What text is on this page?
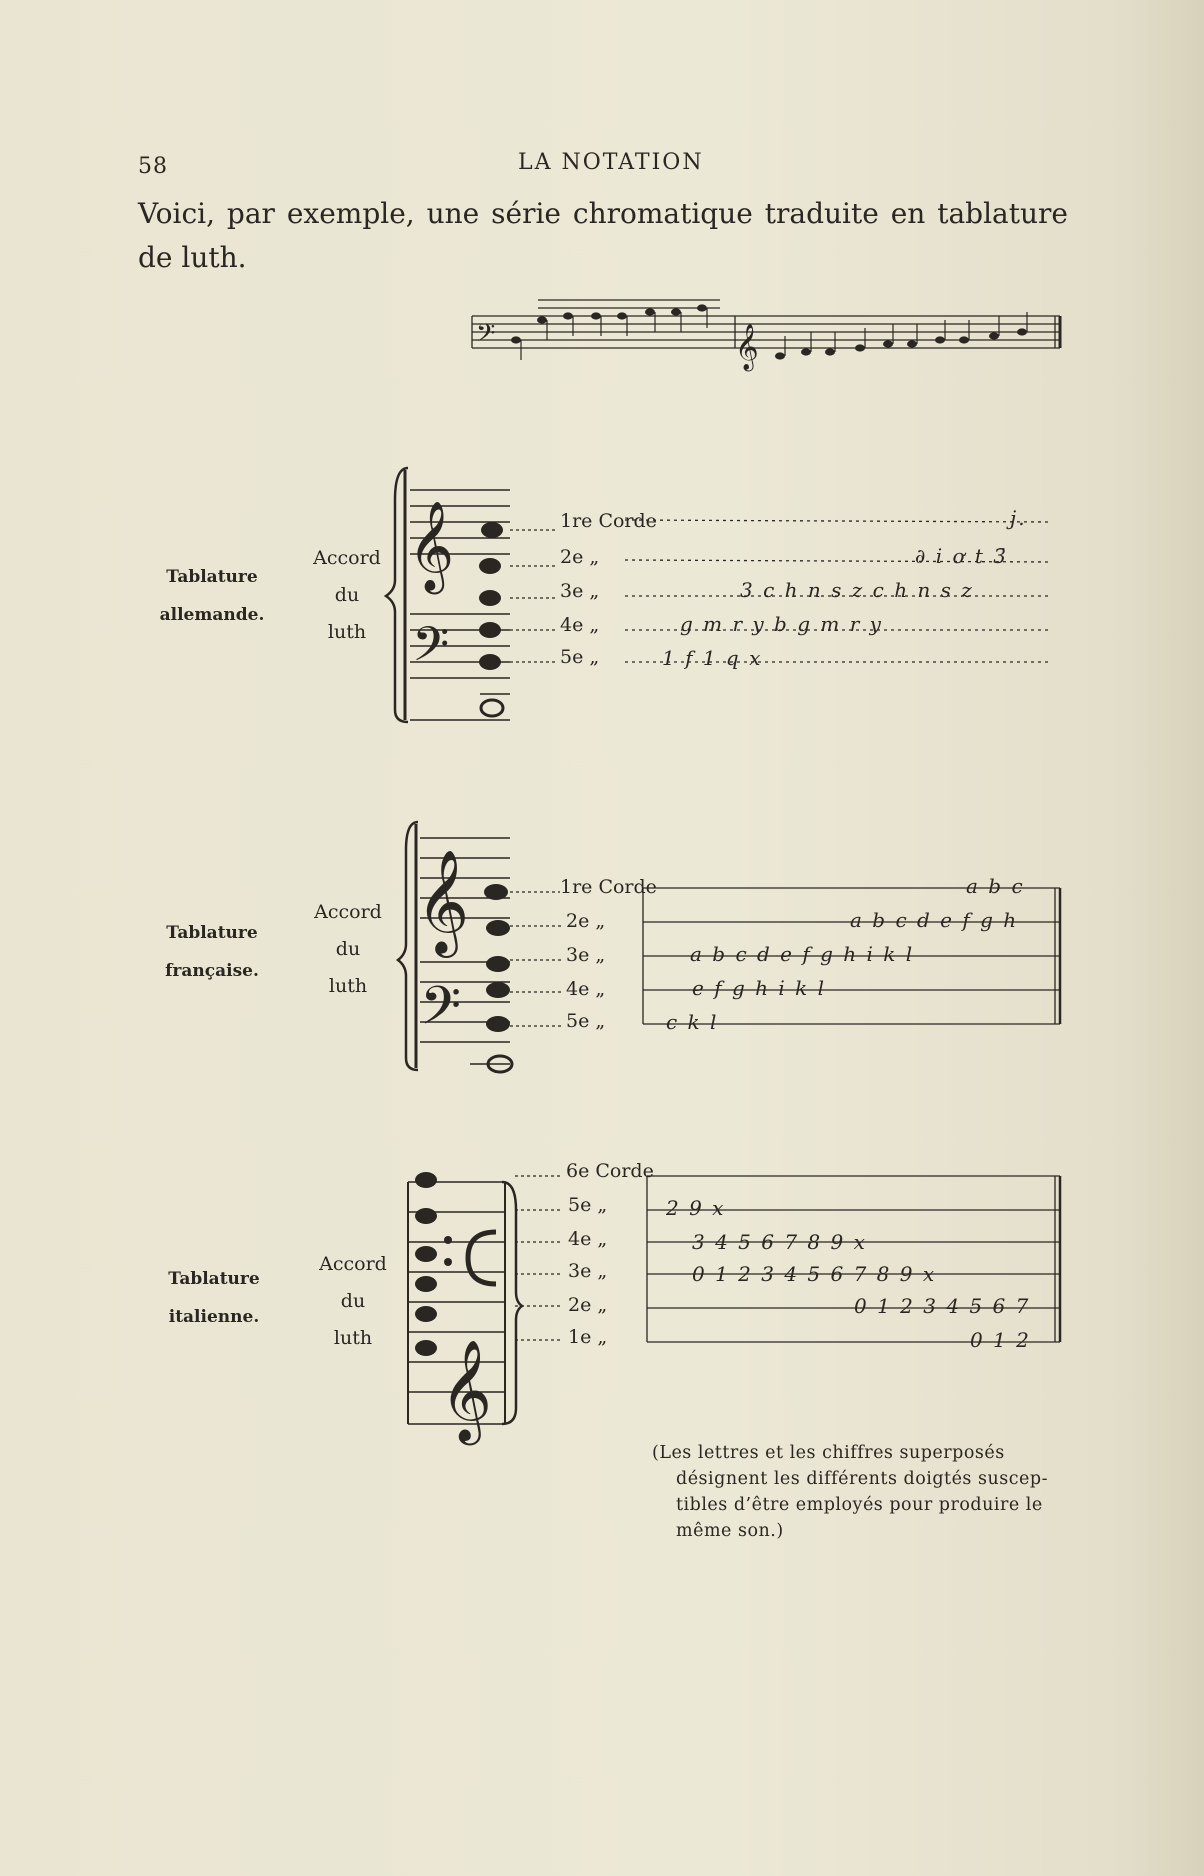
58	LA NOTATION
Voici, par exemple, une série chromatique traduite en tablature de luth.
𝄢	𝄞
𝄞
𝄢
𝄞
𝄢
𝄞
Tablature
allemande.
Accord
du
luth
1re Corde
2e „
3e „
4e „
5e „
j.
∂ i ơ t 3̄
3 c h n s z c h n s z
g m r y b g m r y
1 f 1 q x
Tablature
française.
Accord
du
luth
1re Corde
2e „
3e „
4e „
5e „
a b c
a b c d e f g h
a b c d e f g h i k l
e f g h i k l
c k l
Tablature
italienne.
Accord
du
luth
6e Corde
5e „
4e „
3e „
2e „
1e „
2 9 x
3 4 5 6 7 8 9 x
0 1 2 3 4 5 6 7 8 9 x
0 1 2 3 4 5 6 7
0 1 2
(Les lettres et les chiffres superposés
désignent les différents doigtés suscep-
tibles d’être employés pour produire le
même son.)
